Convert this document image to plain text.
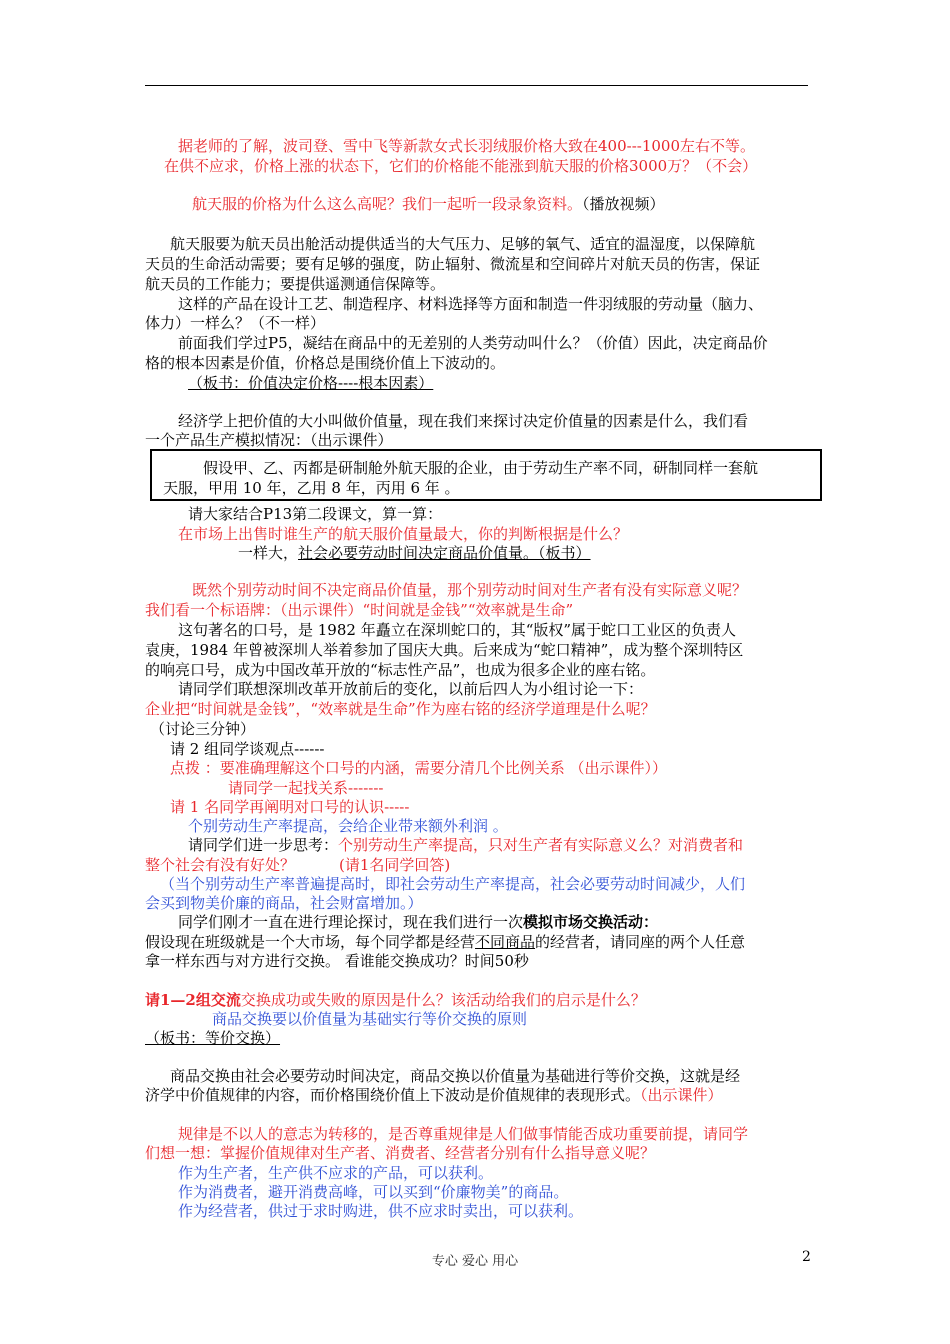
据老师的了解，波司登、雪中飞等新款女式长羽绒服价格大致在400---1000左右不等。
在供不应求，价格上涨的状态下，它们的价格能不能涨到航天服的价格3000万？（不会）
航天服的价格为什么这么高呢？我们一起听一段录象资料。（播放视频）
航天服要为航天员出舱活动提供适当的大气压力、足够的氧气、适宜的温湿度，以保障航
天员的生命活动需要；要有足够的强度，防止辐射、微流星和空间碎片对航天员的伤害，保证
航天员的工作能力；要提供遥测通信保障等。
这样的产品在设计工艺、制造程序、材料选择等方面和制造一件羽绒服的劳动量（脑力、
体力）一样么？（不一样）
前面我们学过P5，凝结在商品中的无差别的人类劳动叫什么？（价值）因此，决定商品价
格的根本因素是价值，价格总是围绕价值上下波动的。
（板书：价值决定价格----根本因素）
经济学上把价值的大小叫做价值量，现在我们来探讨决定价值量的因素是什么，我们看
一个产品生产模拟情况：（出示课件）
假设甲、乙、丙都是研制舱外航天服的企业，由于劳动生产率不同，研制同样一套航
天服，甲用 10 年，乙用 8 年，丙用 6 年 。
请大家结合P13第二段课文，算一算：
在市场上出售时谁生产的航天服价值量最大，你的判断根据是什么？
一样大，社会必要劳动时间决定商品价值量。（板书）
既然个别劳动时间不决定商品价值量，那个别劳动时间对生产者有没有实际意义呢？
我们看一个标语牌：（出示课件）“时间就是金钱”“效率就是生命”
这句著名的口号，是 1982 年矗立在深圳蛇口的，其“版权”属于蛇口工业区的负责人
袁庚，1984 年曾被深圳人举着参加了国庆大典。后来成为“蛇口精神”，成为整个深圳特区
的响亮口号，成为中国改革开放的“标志性产品”，也成为很多企业的座右铭。
请同学们联想深圳改革开放前后的变化，以前后四人为小组讨论一下：
企业把“时间就是金钱”，“效率就是生命”作为座右铭的经济学道理是什么呢？
（讨论三分钟）
请 2 组同学谈观点------
点拨 ：要准确理解这个口号的内涵，需要分清几个比例关系 （出示课件））
请同学一起找关系-------
请 1 名同学再阐明对口号的认识-----
个别劳动生产率提高，会给企业带来额外利润 。
请同学们进一步思考：个别劳动生产率提高，只对生产者有实际意义么？对消费者和
整个社会有没有好处？	(请1名同学回答)
（当个别劳动生产率普遍提高时，即社会劳动生产率提高，社会必要劳动时间减少，人们
会买到物美价廉的商品，社会财富增加。）
同学们刚才一直在进行理论探讨，现在我们进行一次模拟市场交换活动：
假设现在班级就是一个大市场，每个同学都是经营不同商品的经营者，请同座的两个人任意
拿一样东西与对方进行交换。 看谁能交换成功？时间50秒
请1—2组交流交换成功或失败的原因是什么？该活动给我们的启示是什么？
商品交换要以价值量为基础实行等价交换的原则
（板书：等价交换）
商品交换由社会必要劳动时间决定，商品交换以价值量为基础进行等价交换，这就是经
济学中价值规律的内容，而价格围绕价值上下波动是价值规律的表现形式。（出示课件）
规律是不以人的意志为转移的，是否尊重规律是人们做事情能否成功重要前提，请同学
们想一想：掌握价值规律对生产者、消费者、经营者分别有什么指导意义呢？
作为生产者，生产供不应求的产品，可以获利。
作为消费者，避开消费高峰，可以买到“价廉物美”的商品。
作为经营者，供过于求时购进，供不应求时卖出，可以获利。
专心 爱心 用心	2
